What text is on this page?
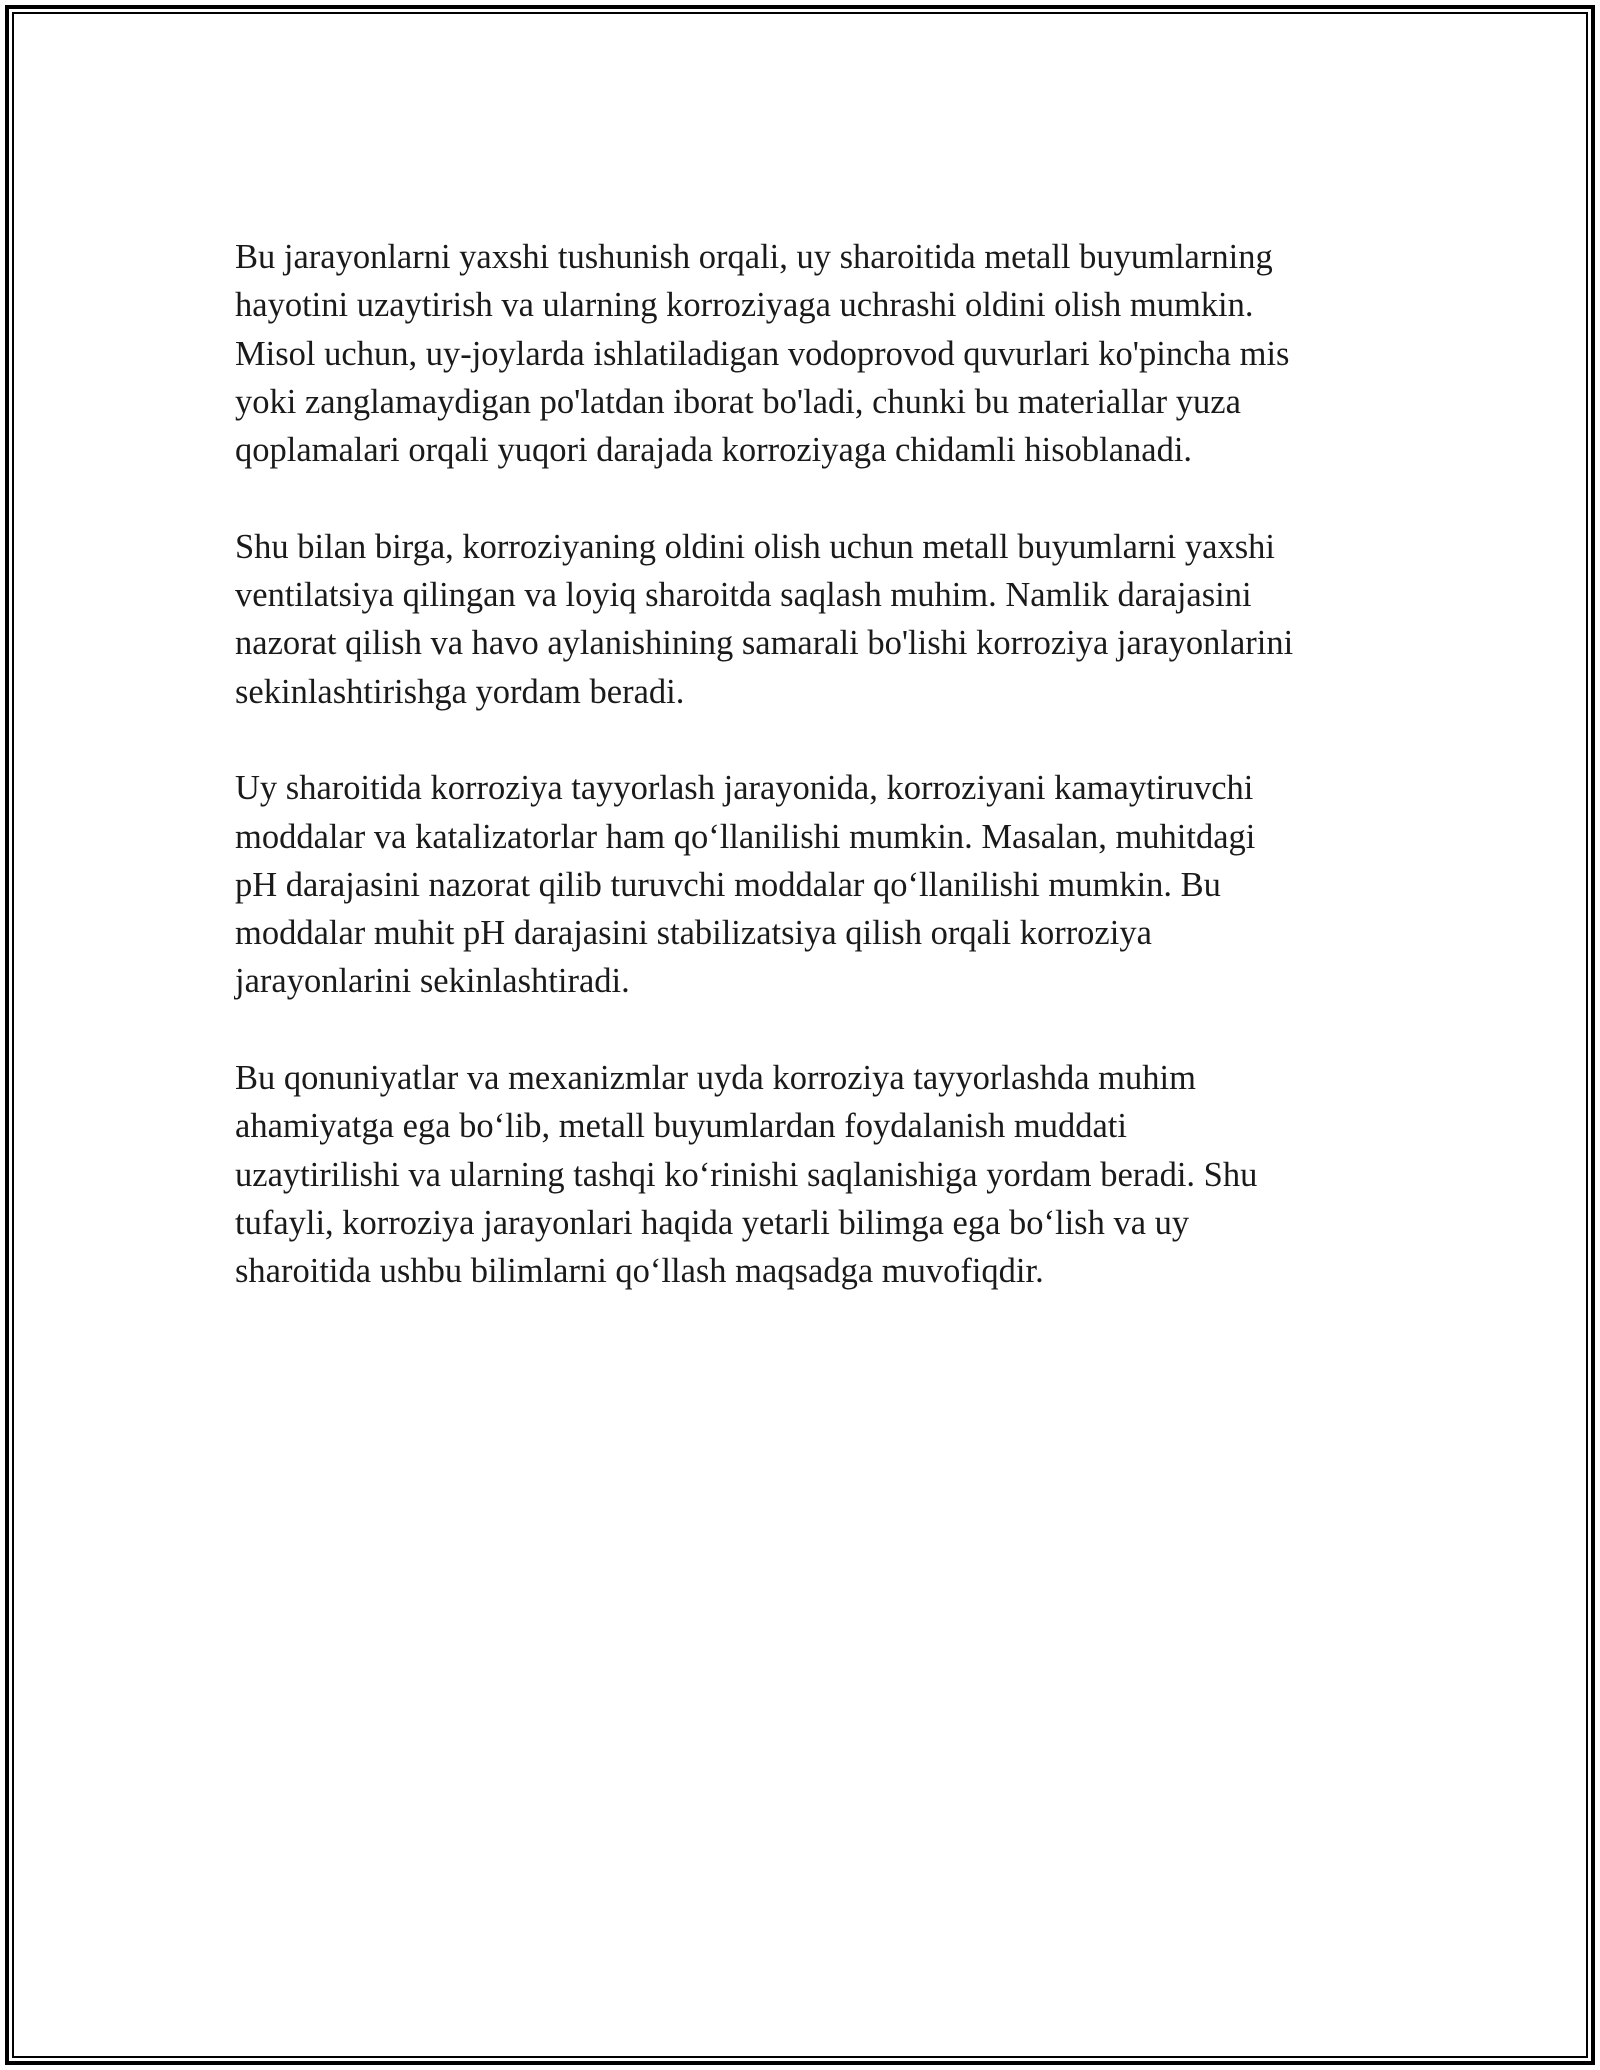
Bu jarayonlarni yaxshi tushunish orqali, uy sharoitida metall buyumlarning
hayotini uzaytirish va ularning korroziyaga uchrashi oldini olish mumkin.
Misol uchun, uy-joylarda ishlatiladigan vodoprovod quvurlari ko'pincha mis
yoki zanglamaydigan po'latdan iborat bo'ladi, chunki bu materiallar yuza
qoplamalari orqali yuqori darajada korroziyaga chidamli hisoblanadi.

Shu bilan birga, korroziyaning oldini olish uchun metall buyumlarni yaxshi
ventilatsiya qilingan va loyiq sharoitda saqlash muhim. Namlik darajasini
nazorat qilish va havo aylanishining samarali bo'lishi korroziya jarayonlarini
sekinlashtirishga yordam beradi.

Uy sharoitida korroziya tayyorlash jarayonida, korroziyani kamaytiruvchi
moddalar va katalizatorlar ham qo‘llanilishi mumkin. Masalan, muhitdagi
pH darajasini nazorat qilib turuvchi moddalar qo‘llanilishi mumkin. Bu
moddalar muhit pH darajasini stabilizatsiya qilish orqali korroziya
jarayonlarini sekinlashtiradi.

Bu qonuniyatlar va mexanizmlar uyda korroziya tayyorlashda muhim
ahamiyatga ega bo‘lib, metall buyumlardan foydalanish muddati
uzaytirilishi va ularning tashqi ko‘rinishi saqlanishiga yordam beradi. Shu
tufayli, korroziya jarayonlari haqida yetarli bilimga ega bo‘lish va uy
sharoitida ushbu bilimlarni qo‘llash maqsadga muvofiqdir.
